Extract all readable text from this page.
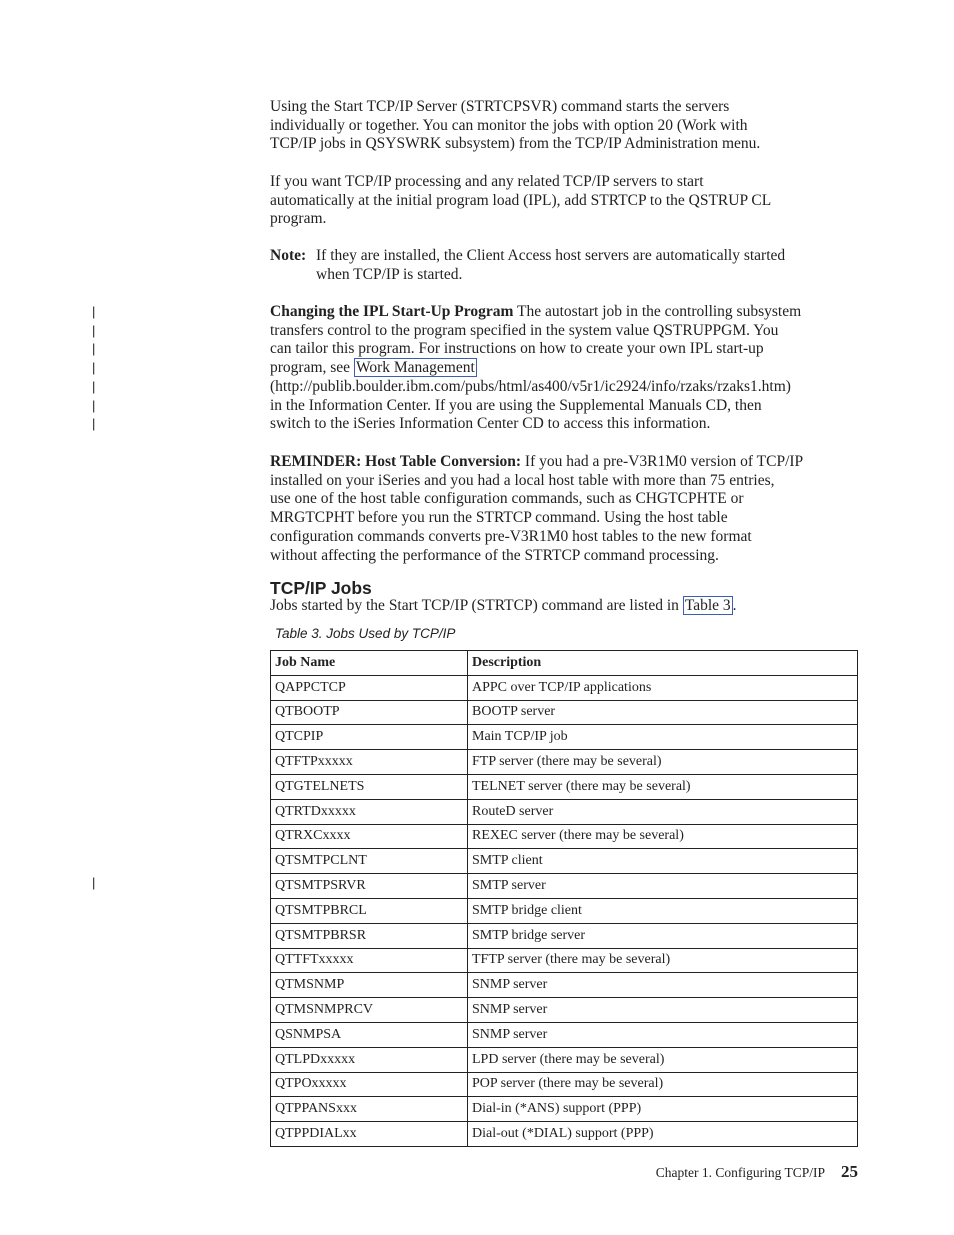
Using the Start TCP/IP Server (STRTCPSVR) command starts the servers
individually or together. You can monitor the jobs with option 20 (Work with
TCP/IP jobs in QSYSWRK subsystem) from the TCP/IP Administration menu.
If you want TCP/IP processing and any related TCP/IP servers to start
automatically at the initial program load (IPL), add STRTCP to the QSTRUP CL
program.
Note: If they are installed, the Client Access host servers are automatically started
when TCP/IP is started.
|
|
|
|
|
|
|
Changing the IPL Start-Up Program The autostart job in the controlling subsystem
transfers control to the program specified in the system value QSTRUPPGM. You
can tailor this program. For instructions on how to create your own IPL start-up
program, see Work Management
(http://publib.boulder.ibm.com/pubs/html/as400/v5r1/ic2924/info/rzaks/rzaks1.htm)
in the Information Center. If you are using the Supplemental Manuals CD, then
switch to the iSeries Information Center CD to access this information.
REMINDER: Host Table Conversion: If you had a pre-V3R1M0 version of TCP/IP
installed on your iSeries and you had a local host table with more than 75 entries,
use one of the host table configuration commands, such as CHGTCPHTE or
MRGTCPHT before you run the STRTCP command. Using the host table
configuration commands converts pre-V3R1M0 host tables to the new format
without affecting the performance of the STRTCP command processing.
TCP/IP Jobs
Jobs started by the Start TCP/IP (STRTCP) command are listed in Table 3 .
Table 3. Jobs Used by TCP/IP
Job Name	Description
QAPPCTCP	APPC over TCP/IP applications
QTBOOTP	BOOTP server
QTCPIP	Main TCP/IP job
QTFTPxxxxx	FTP server (there may be several)
QTGTELNETS	TELNET server (there may be several)
QTRTDxxxxx	RouteD server
QTRXCxxxx	REXEC server (there may be several)
QTSMTPCLNT	SMTP client
QTSMTPSRVR	SMTP server
QTSMTPBRCL	SMTP bridge client
QTSMTPBRSR	SMTP bridge server
QTTFTxxxxx	TFTP server (there may be several)
QTMSNMP	SNMP server
QTMSNMPRCV	SNMP server
QSNMPSA	SNMP server
QTLPDxxxxx	LPD server (there may be several)
QTPOxxxxx	POP server (there may be several)
QTPPANSxxx	Dial-in (*ANS) support (PPP)
QTPPDIALxx	Dial-out (*DIAL) support (PPP)
|
Chapter 1. Configuring TCP/IP 25
